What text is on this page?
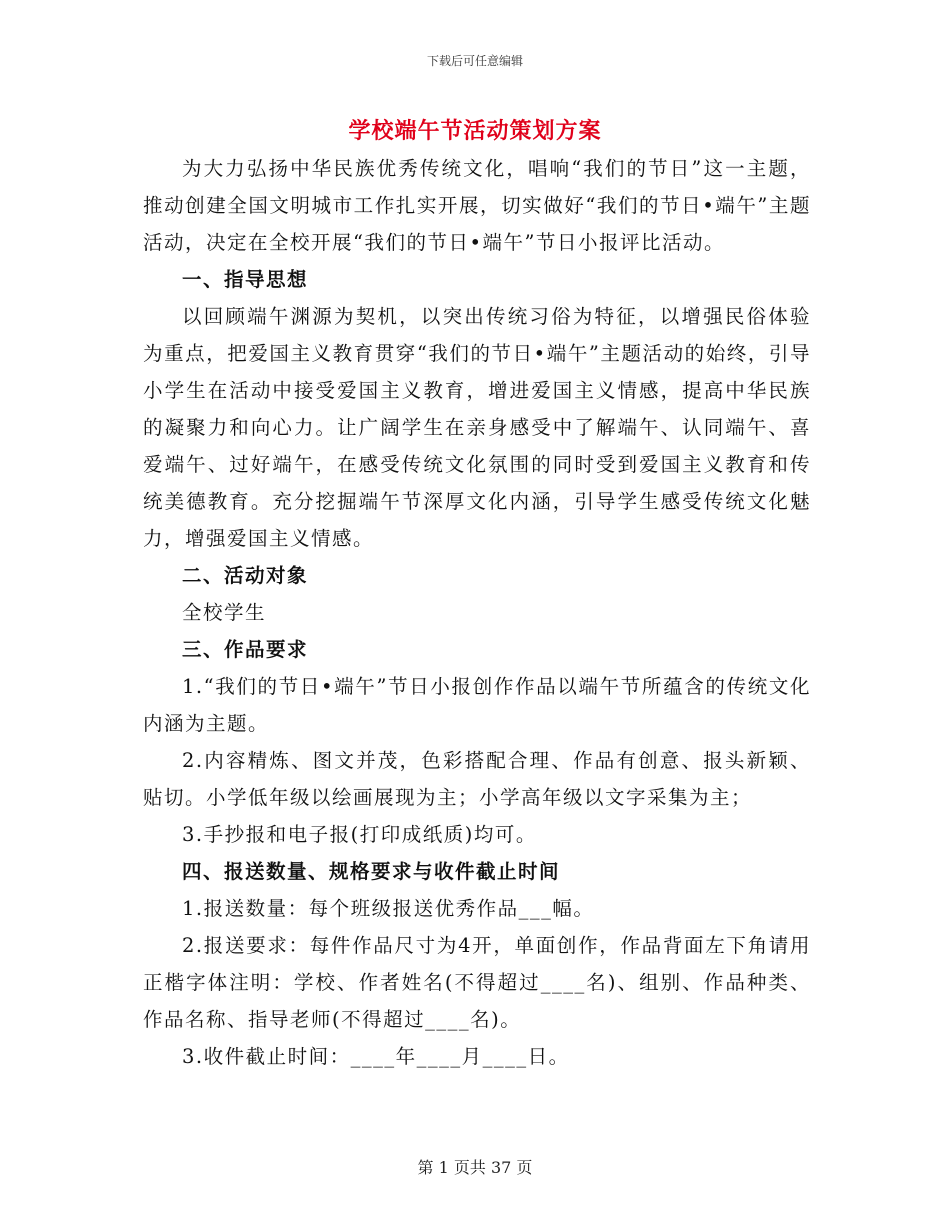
下载后可任意编辑
学校端午节活动策划方案

为大力弘扬中华民族优秀传统文化，唱响“我们的节日”这一主题，推动创建全国文明城市工作扎实开展，切实做好“我们的节日•端午”主题活动，决定在全校开展“我们的节日•端午”节日小报评比活动。

一、指导思想

以回顾端午渊源为契机，以突出传统习俗为特征，以增强民俗体验为重点，把爱国主义教育贯穿“我们的节日•端午”主题活动的始终，引导小学生在活动中接受爱国主义教育，增进爱国主义情感，提高中华民族的凝聚力和向心力。让广阔学生在亲身感受中了解端午、认同端午、喜爱端午、过好端午，在感受传统文化氛围的同时受到爱国主义教育和传统美德教育。充分挖掘端午节深厚文化内涵，引导学生感受传统文化魅力，增强爱国主义情感。

二、活动对象

全校学生

三、作品要求

1.“我们的节日•端午”节日小报创作作品以端午节所蕴含的传统文化内涵为主题。

2.内容精炼、图文并茂，色彩搭配合理、作品有创意、报头新颖、贴切。小学低年级以绘画展现为主；小学高年级以文字采集为主；

3.手抄报和电子报(打印成纸质)均可。

四、报送数量、规格要求与收件截止时间

1.报送数量：每个班级报送优秀作品___幅。

2.报送要求：每件作品尺寸为4开，单面创作，作品背面左下角请用正楷字体注明：学校、作者姓名(不得超过____名)、组别、作品种类、作品名称、指导老师(不得超过____名)。

3.收件截止时间：____年____月____日。

第 1 页共 37 页
